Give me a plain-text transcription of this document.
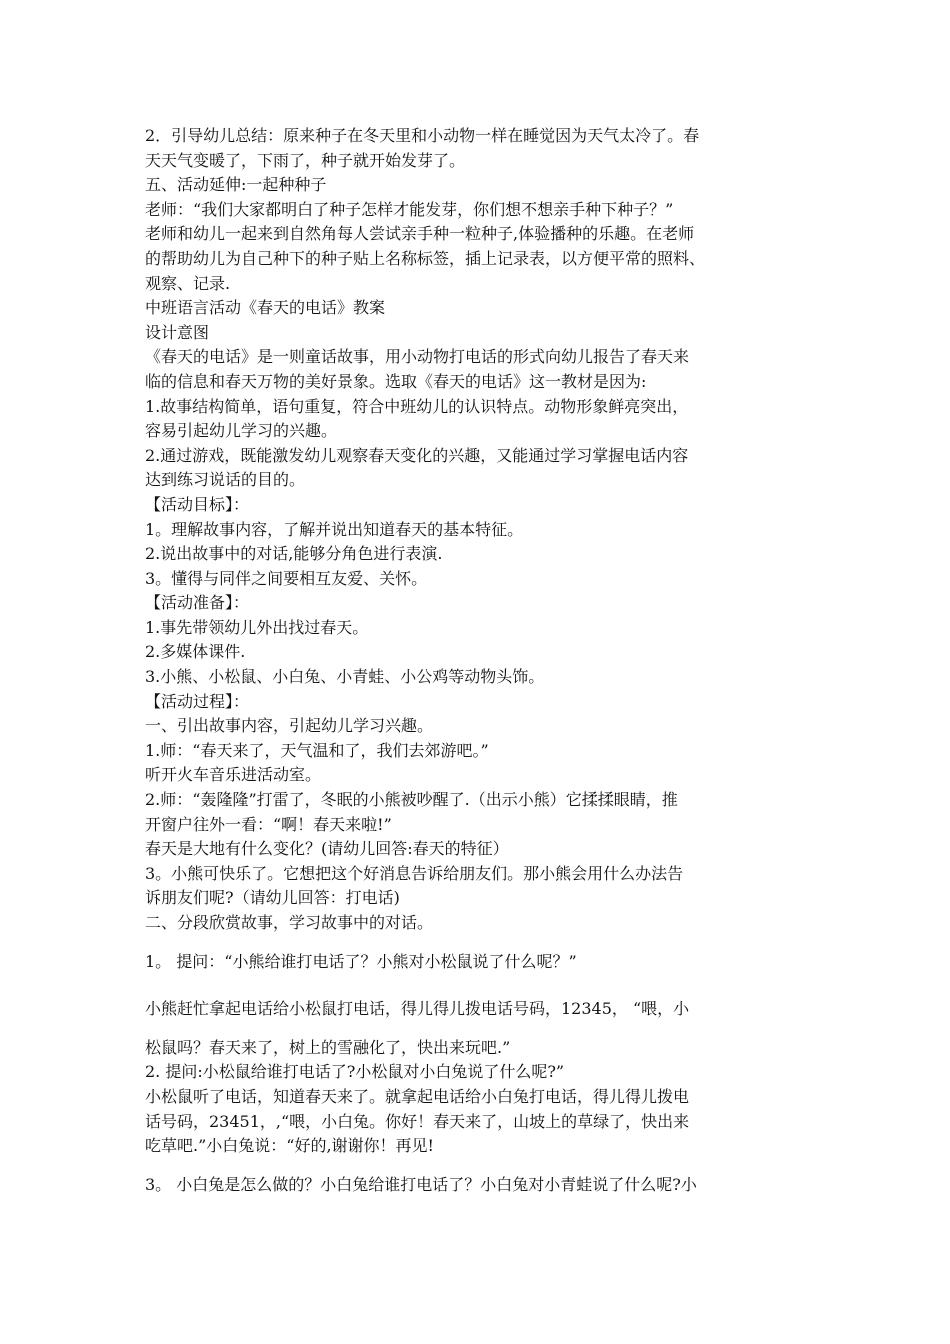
2．引导幼儿总结：原来种子在冬天里和小动物一样在睡觉因为天气太冷了。春
天天气变暖了，下雨了，种子就开始发芽了。
五、活动延伸:一起种种子
老师：“我们大家都明白了种子怎样才能发芽，你们想不想亲手种下种子？”
老师和幼儿一起来到自然角每人尝试亲手种一粒种子,体验播种的乐趣。在老师
的帮助幼儿为自己种下的种子贴上名称标签，插上记录表，以方便平常的照料、
观察、记录.
中班语言活动《春天的电话》教案
设计意图
《春天的电话》是一则童话故事，用小动物打电话的形式向幼儿报告了春天来
临的信息和春天万物的美好景象。选取《春天的电话》这一教材是因为:
1.故事结构简单，语句重复，符合中班幼儿的认识特点。动物形象鲜亮突出，
容易引起幼儿学习的兴趣。
2.通过游戏，既能激发幼儿观察春天变化的兴趣，又能通过学习掌握电话内容
达到练习说话的目的。
【活动目标】：
1。理解故事内容，了解并说出知道春天的基本特征。
2.说出故事中的对话,能够分角色进行表演.
3。懂得与同伴之间要相互友爱、关怀。
【活动准备】：
1.事先带领幼儿外出找过春天。
2.多媒体课件.
3.小熊、小松鼠、小白兔、小青蛙、小公鸡等动物头饰。
【活动过程】：
一、引出故事内容，引起幼儿学习兴趣。
1.师：“春天来了，天气温和了，我们去郊游吧。”
听开火车音乐进活动室。
2.师：“轰隆隆”打雷了，冬眠的小熊被吵醒了.（出示小熊）它揉揉眼睛，推
开窗户往外一看：“啊！春天来啦!”
春天是大地有什么变化？(请幼儿回答:春天的特征）
3。小熊可快乐了。它想把这个好消息告诉给朋友们。那小熊会用什么办法告
诉朋友们呢?（请幼儿回答：打电话)
二、分段欣赏故事，学习故事中的对话。
1。 提问：“小熊给谁打电话了？小熊对小松鼠说了什么呢？”
小熊赶忙拿起电话给小松鼠打电话，得儿得儿拨电话号码，12345， “喂，小
松鼠吗？春天来了，树上的雪融化了，快出来玩吧.”
2. 提问:小松鼠给谁打电话了?小松鼠对小白兔说了什么呢?”
小松鼠听了电话，知道春天来了。就拿起电话给小白兔打电话，得儿得儿拨电
话号码，23451，,“喂，小白兔。你好！春天来了，山坡上的草绿了，快出来
吃草吧.”小白兔说：“好的,谢谢你！再见!
3。 小白兔是怎么做的？小白兔给谁打电话了？小白兔对小青蛙说了什么呢?小
